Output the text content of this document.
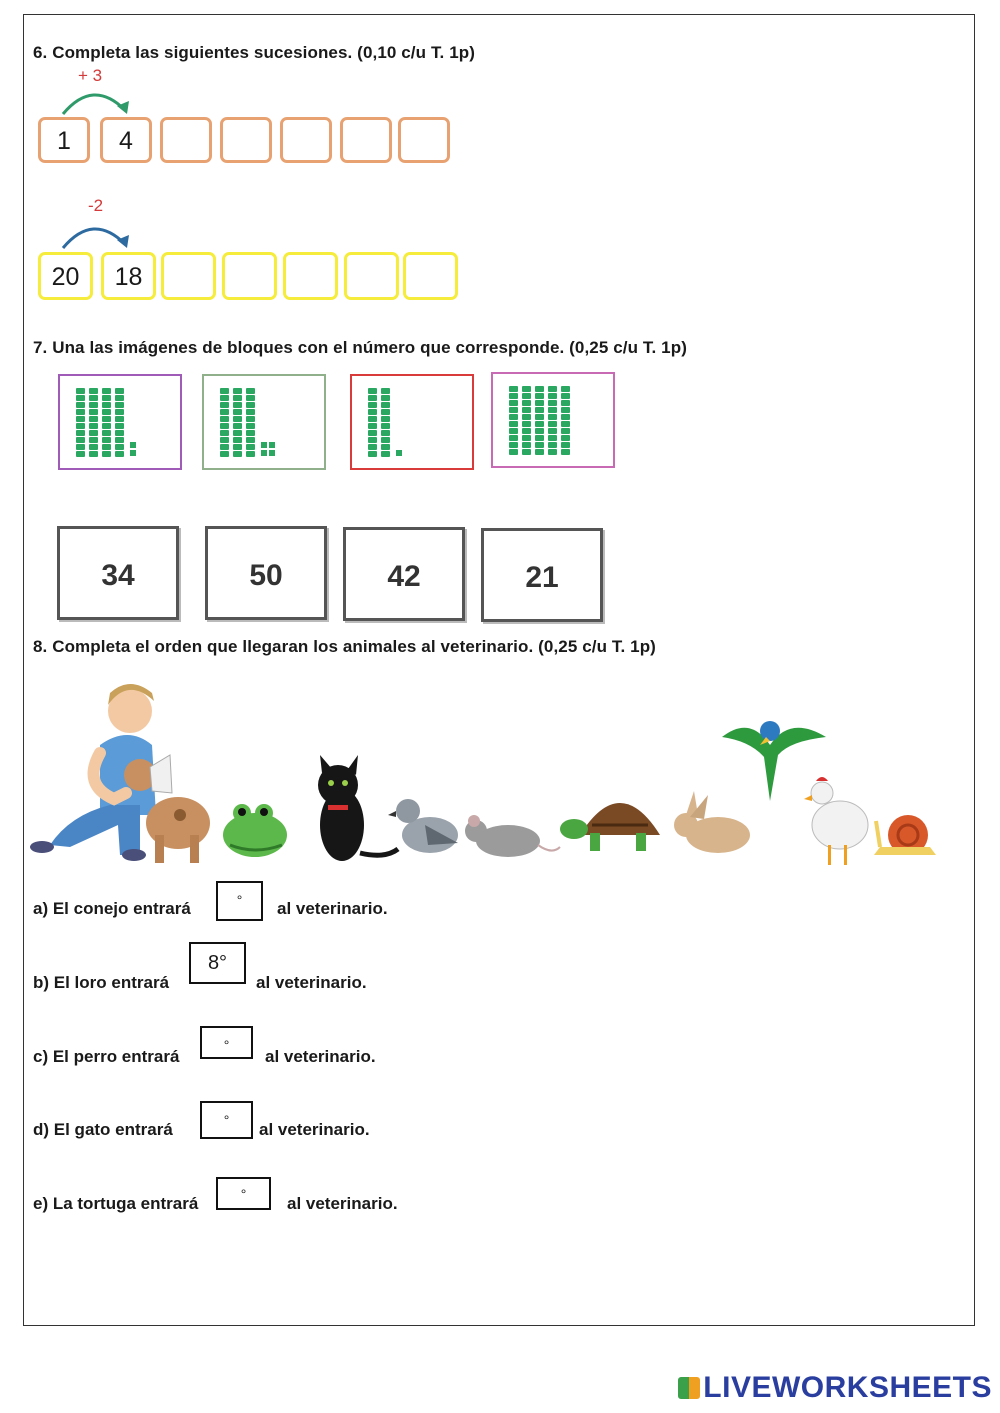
6. Completa las siguientes sucesiones. (0,10 c/u T. 1p)
+ 3
1	4
-2
20	18
7. Una las imágenes de bloques con el número que corresponde. (0,25 c/u T. 1p)
34	50	42	21
8. Completa el orden que llegaran los animales al veterinario. (0,25 c/u T. 1p)
a) El conejo entrará	°	al veterinario.
b) El loro entrará
8°
al veterinario.
c) El perro entrará
°
al veterinario.
d) El gato entrará	°	al veterinario.
e) La tortuga entrará	°	al veterinario.
LIVEWORKSHEETS
